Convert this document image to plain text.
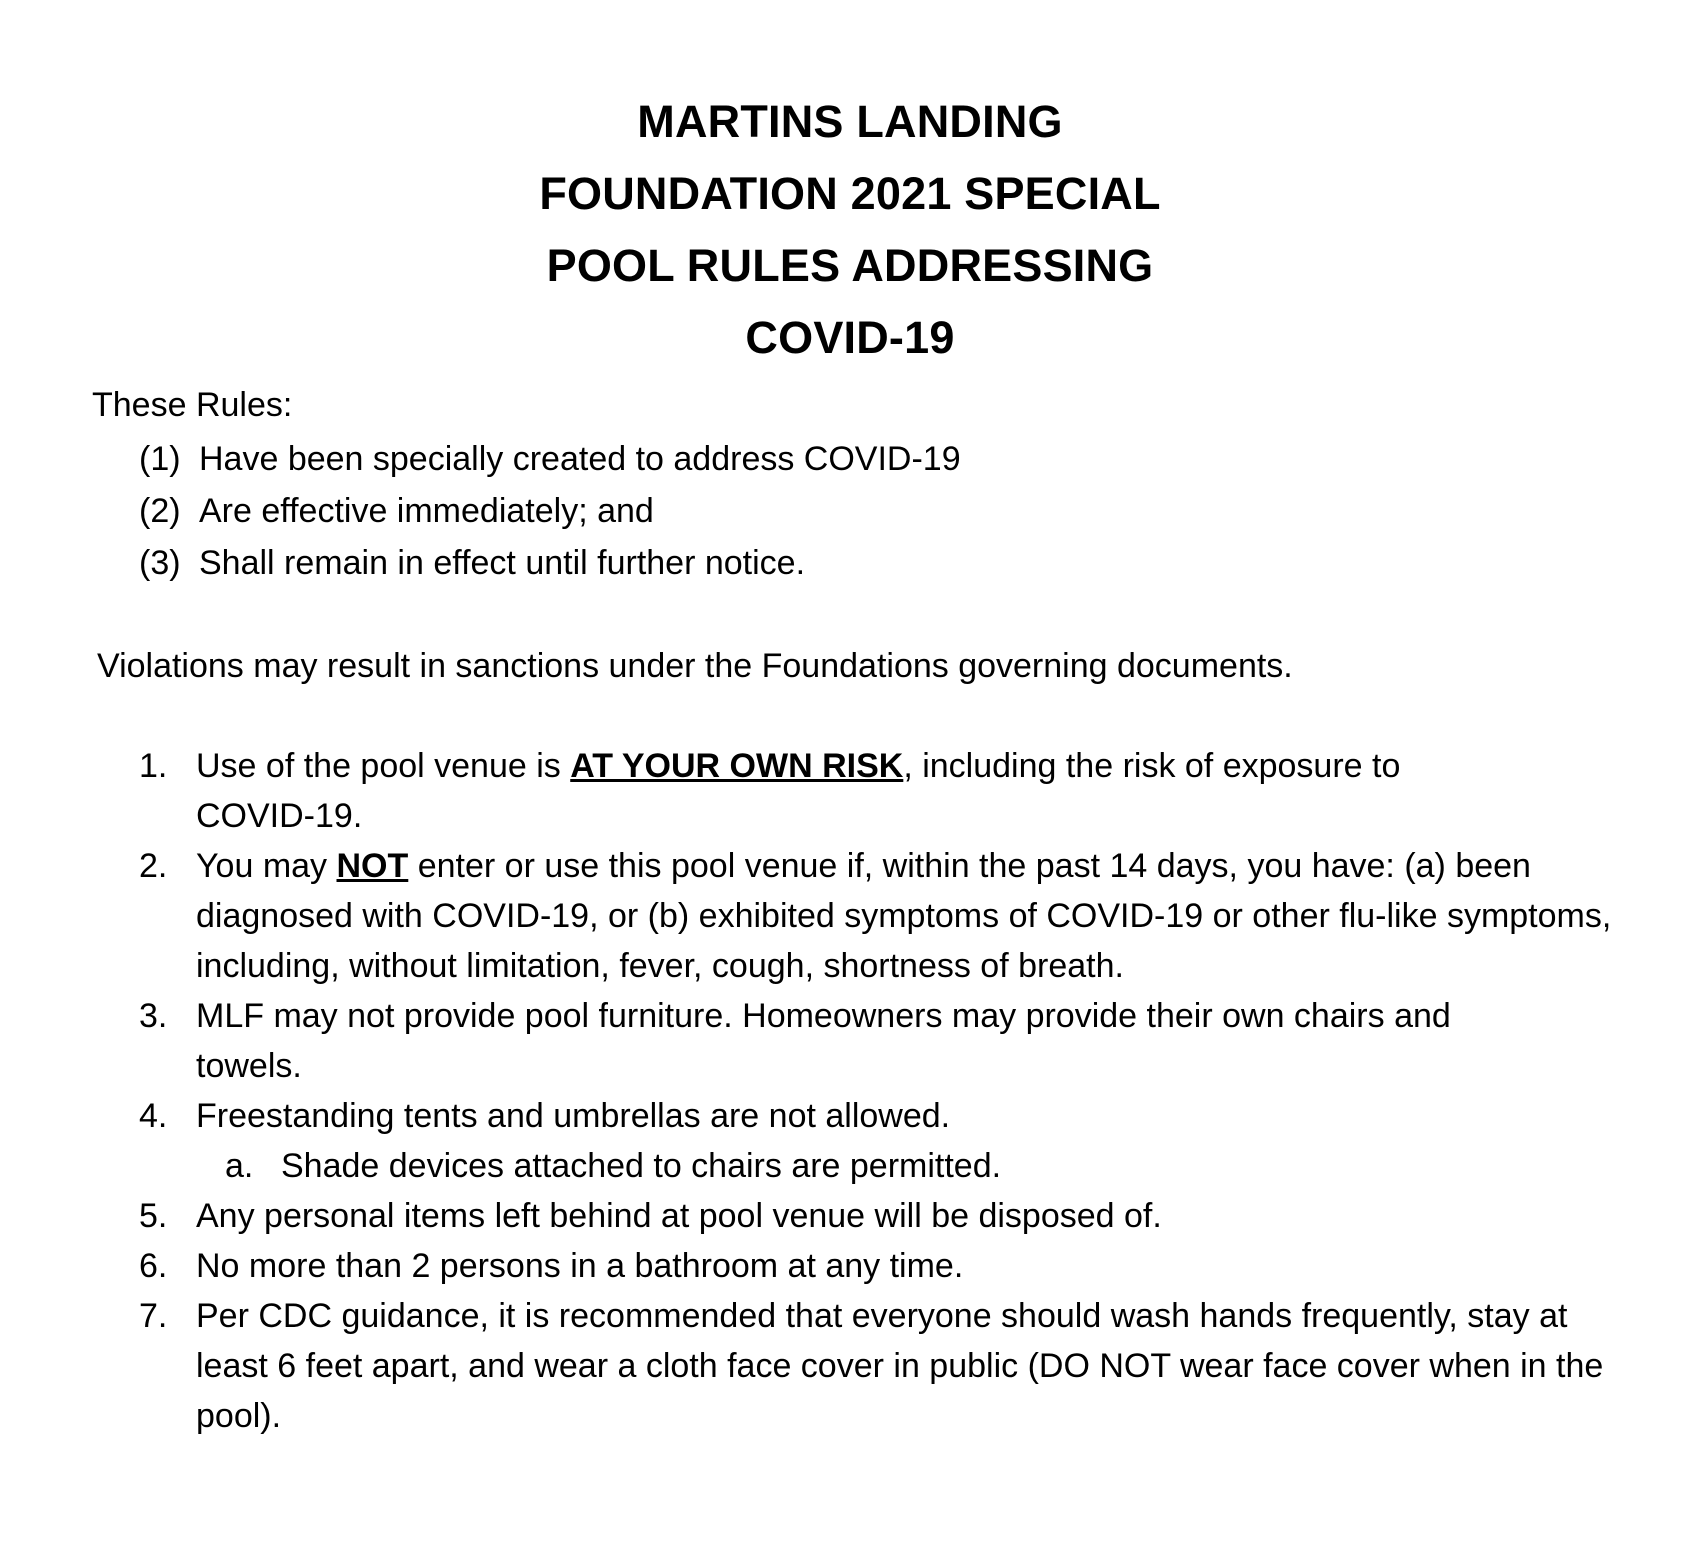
MARTINS LANDING
FOUNDATION 2021 SPECIAL
POOL RULES ADDRESSING
COVID-19

These Rules:

(1) Have been specially created to address COVID-19
(2) Are effective immediately; and
(3) Shall remain in effect until further notice.

Violations may result in sanctions under the Foundations governing documents.

1. Use of the pool venue is AT YOUR OWN RISK, including the risk of exposure to COVID-19.
2. You may NOT enter or use this pool venue if, within the past 14 days, you have: (a) been diagnosed with COVID-19, or (b) exhibited symptoms of COVID-19 or other flu-like symptoms, including, without limitation, fever, cough, shortness of breath.
3. MLF may not provide pool furniture. Homeowners may provide their own chairs and towels.
4. Freestanding tents and umbrellas are not allowed.
a. Shade devices attached to chairs are permitted.
5. Any personal items left behind at pool venue will be disposed of.
6. No more than 2 persons in a bathroom at any time.
7. Per CDC guidance, it is recommended that everyone should wash hands frequently, stay at least 6 feet apart, and wear a cloth face cover in public (DO NOT wear face cover when in the pool).
